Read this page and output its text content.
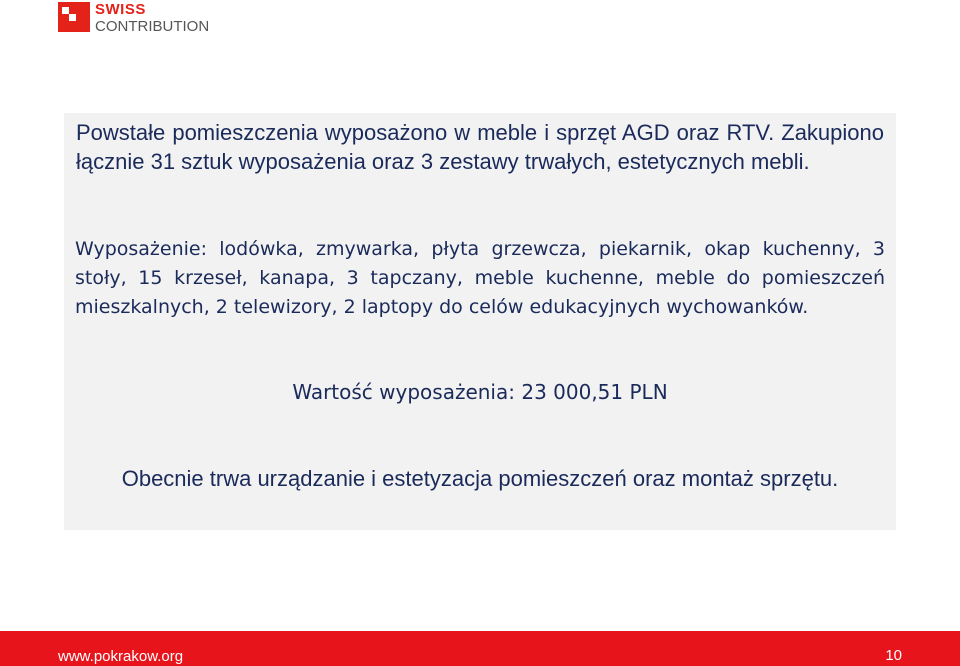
SWISS
CONTRIBUTION

Powstałe pomieszczenia wyposażono w meble i sprzęt AGD oraz RTV. Zakupiono łącznie 31 sztuk wyposażenia oraz 3 zestawy trwałych, estetycznych mebli.

Wyposażenie: lodówka, zmywarka, płyta grzewcza, piekarnik, okap kuchenny, 3 stoły, 15 krzeseł, kanapa, 3 tapczany, meble kuchenne, meble do pomieszczeń mieszkalnych, 2 telewizory, 2 laptopy do celów edukacyjnych wychowanków.

Wartość wyposażenia: 23 000,51 PLN

Obecnie trwa urządzanie i estetyzacja pomieszczeń oraz montaż sprzętu.

www.pokrakow.org	10
